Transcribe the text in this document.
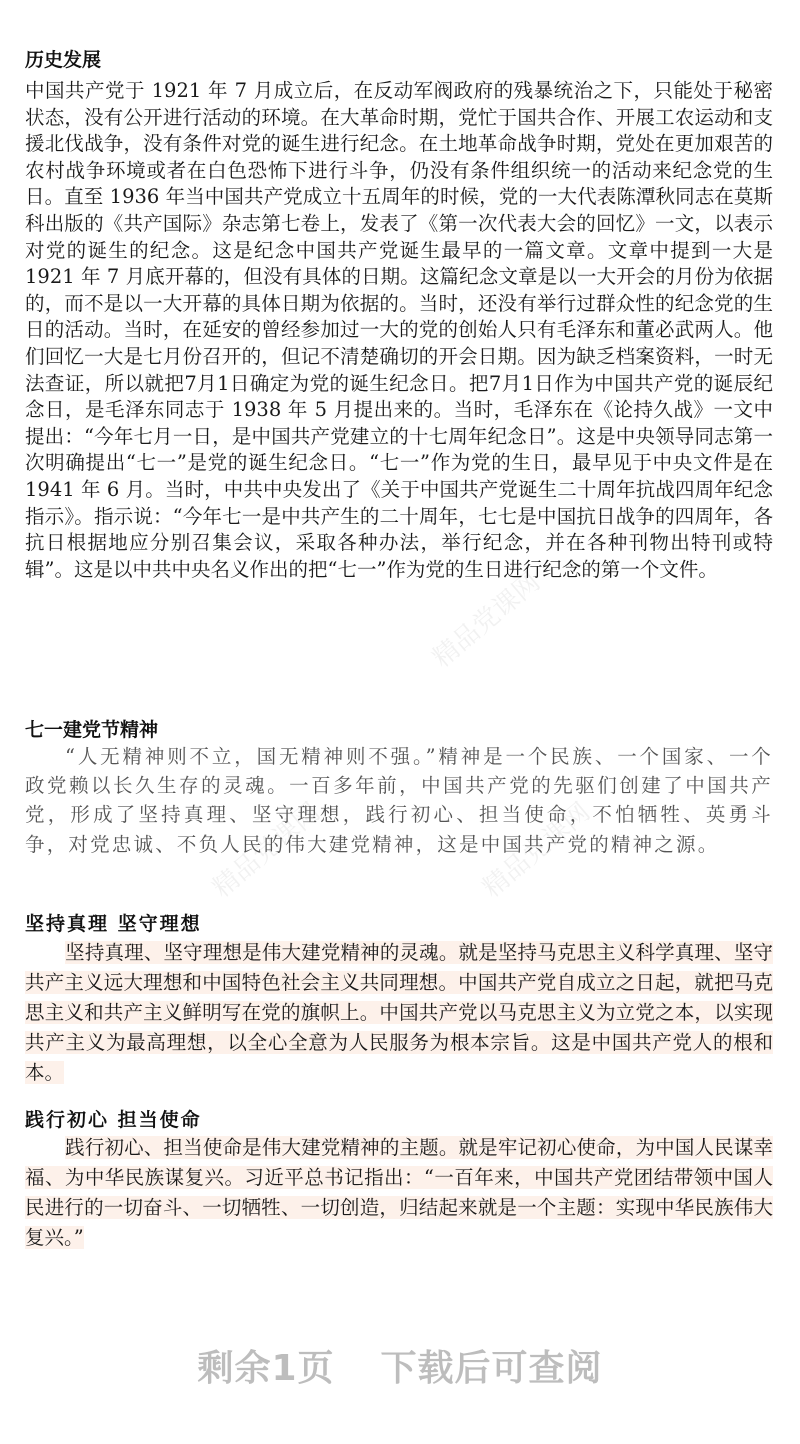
精品党课网
精品党课网	精品党课网
历史发展

中国共产党于 1921 年 7 月成立后，在反动军阀政府的残暴统治之下，只能处于秘密状态，没有公开进行活动的环境。在大革命时期，党忙于国共合作、开展工农运动和支援北伐战争，没有条件对党的诞生进行纪念。在土地革命战争时期，党处在更加艰苦的农村战争环境或者在白色恐怖下进行斗争，仍没有条件组织统一的活动来纪念党的生日。直至 1936 年当中国共产党成立十五周年的时候，党的一大代表陈潭秋同志在莫斯科出版的《共产国际》杂志第七卷上，发表了《第一次代表大会的回忆》一文，以表示对党的诞生的纪念。这是纪念中国共产党诞生最早的一篇文章。文章中提到一大是 1921 年 7 月底开幕的，但没有具体的日期。这篇纪念文章是以一大开会的月份为依据的，而不是以一大开幕的具体日期为依据的。当时，还没有举行过群众性的纪念党的生日的活动。当时，在延安的曾经参加过一大的党的创始人只有毛泽东和董必武两人。他们回忆一大是七月份召开的，但记不清楚确切的开会日期。因为缺乏档案资料，一时无法查证，所以就把7月1日确定为党的诞生纪念日。把7月1日作为中国共产党的诞辰纪念日，是毛泽东同志于 1938 年 5 月提出来的。当时，毛泽东在《论持久战》一文中提出：“今年七月一日，是中国共产党建立的十七周年纪念日”。这是中央领导同志第一次明确提出“七一”是党的诞生纪念日。“七一”作为党的生日，最早见于中央文件是在 1941 年 6 月。当时，中共中央发出了《关于中国共产党诞生二十周年抗战四周年纪念指示》。指示说：“今年七一是中共产生的二十周年，七七是中国抗日战争的四周年，各抗日根据地应分别召集会议，采取各种办法，举行纪念，并在各种刊物出特刊或特辑”。这是以中共中央名义作出的把“七一”作为党的生日进行纪念的第一个文件。

七一建党节精神

“人无精神则不立，国无精神则不强。”精神是一个民族、一个国家、一个政党赖以长久生存的灵魂。一百多年前，中国共产党的先驱们创建了中国共产党，形成了坚持真理、坚守理想，践行初心、担当使命，不怕牺牲、英勇斗争，对党忠诚、不负人民的伟大建党精神，这是中国共产党的精神之源。

坚持真理 坚守理想

坚持真理、坚守理想是伟大建党精神的灵魂。就是坚持马克思主义科学真理、坚守共产主义远大理想和中国特色社会主义共同理想。中国共产党自成立之日起，就把马克思主义和共产主义鲜明写在党的旗帜上。中国共产党以马克思主义为立党之本，以实现共产主义为最高理想，以全心全意为人民服务为根本宗旨。这是中国共产党人的根和本。

践行初心 担当使命

践行初心、担当使命是伟大建党精神的主题。就是牢记初心使命，为中国人民谋幸福、为中华民族谋复兴。习近平总书记指出：“一百年来，中国共产党团结带领中国人民进行的一切奋斗、一切牺牲、一切创造，归结起来就是一个主题：实现中华民族伟大复兴。”

剩余1页 下载后可查阅
